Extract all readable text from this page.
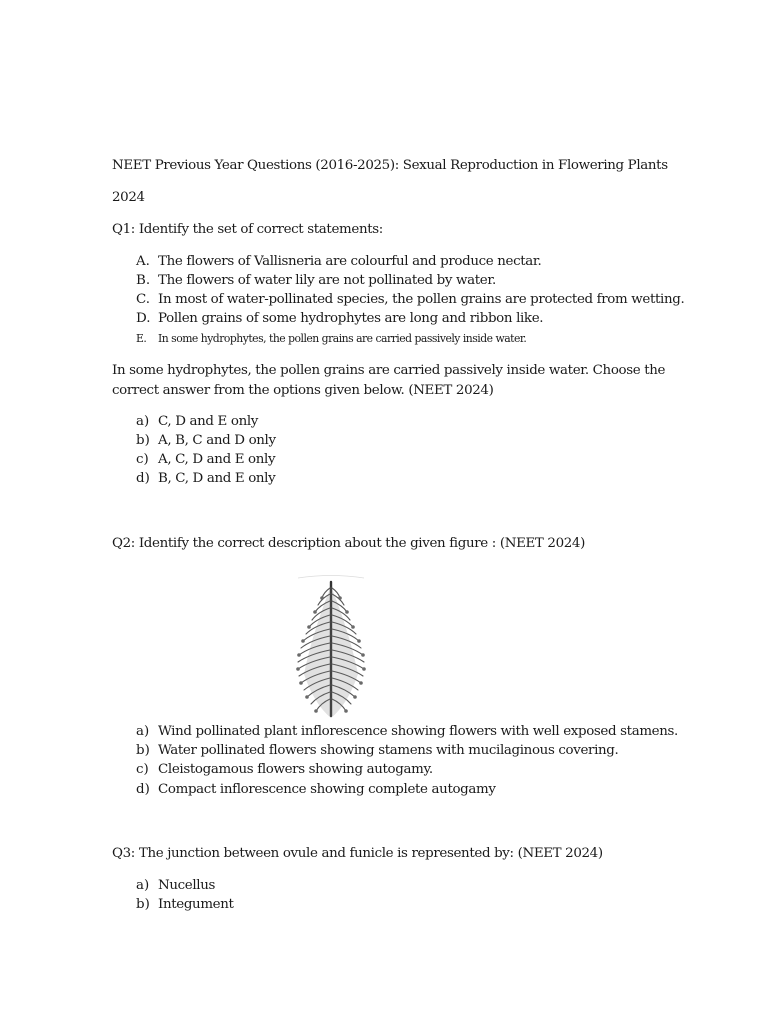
NEET Previous Year Questions (2016-2025): Sexual Reproduction in Flowering Plants
2024
Q1: Identify the set of correct statements:
A. The flowers of Vallisneria are colourful and produce nectar.
B. The flowers of water lily are not pollinated by water.
C. In most of water-pollinated species, the pollen grains are protected from wetting.
D. Pollen grains of some hydrophytes are long and ribbon like.
E. In some hydrophytes, the pollen grains are carried passively inside water.
In some hydrophytes, the pollen grains are carried passively inside water. Choose the
correct answer from the options given below. (NEET 2024)
a) C, D and E only
b) A, B, C and D only
c) A, C, D and E only
d) B, C, D and E only
Q2: Identify the correct description about the given figure : (NEET 2024)
a) Wind pollinated plant inflorescence showing flowers with well exposed stamens.
b) Water pollinated flowers showing stamens with mucilaginous covering.
c) Cleistogamous flowers showing autogamy.
d) Compact inflorescence showing complete autogamy
Q3: The junction between ovule and funicle is represented by: (NEET 2024)
a) Nucellus
b) Integument
